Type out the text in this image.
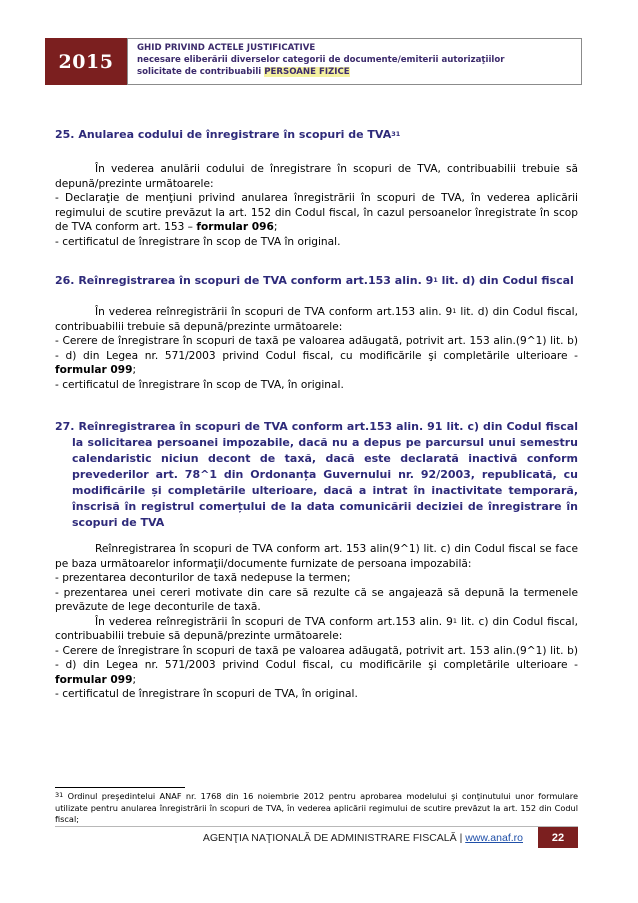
2015
GHID PRIVIND ACTELE JUSTIFICATIVE
necesare eliberării diverselor categorii de documente/emiterii autorizaţiilor
solicitate de contribuabili PERSOANE FIZICE

25. Anularea codului de înregistrare în scopuri de TVA$^{31}$

În vederea anulării codului de înregistrare în scopuri de TVA, contribuabilii trebuie să depună/prezinte următoarele:

- Declaraţie de menţiuni privind anularea înregistrării în scopuri de TVA, în vederea aplicării regimului de scutire prevăzut la art. 152 din Codul fiscal, în cazul persoanelor înregistrate în scop de TVA conform art. 153 – formular 096;

- certificatul de înregistrare în scop de TVA în original.

26. Reînregistrarea în scopuri de TVA conform art.153 alin. $9^1$ lit. d) din Codul fiscal

În vederea reînregistrării în scopuri de TVA conform art.153 alin. $9^1$ lit. d) din Codul fiscal, contribuabilii trebuie să depună/prezinte următoarele:

- Cerere de înregistrare în scopuri de taxă pe valoarea adăugată, potrivit art. 153 alin.(9^1) lit. b) - d) din Legea nr. 571/2003 privind Codul fiscal, cu modificările şi completările ulterioare - formular 099;

- certificatul de înregistrare în scop de TVA, în original.

27. Reînregistrarea în scopuri de TVA conform art.153 alin. 91 lit. c) din Codul fiscal la solicitarea persoanei impozabile, dacă nu a depus pe parcursul unui semestru calendaristic niciun decont de taxă, dacă este declarată inactivă conform prevederilor art. 78^1 din Ordonanța Guvernului nr. 92/2003, republicată, cu modificările și completările ulterioare, dacă a intrat în inactivitate temporară, înscrisă în registrul comerțului de la data comunicării deciziei de înregistrare în scopuri de TVA

Reînregistrarea în scopuri de TVA conform art. 153 alin(9^1) lit. c) din Codul fiscal se face pe baza următoarelor informaţii/documente furnizate de persoana impozabilă:

- prezentarea deconturilor de taxă nedepuse la termen;

- prezentarea unei cereri motivate din care să rezulte că se angajează să depună la termenele prevăzute de lege deconturile de taxă.

În vederea reînregistrării în scopuri de TVA conform art.153 alin. $9^1$ lit. c) din Codul fiscal, contribuabilii trebuie să depună/prezinte următoarele:

- Cerere de înregistrare în scopuri de taxă pe valoarea adăugată, potrivit art. 153 alin.(9^1) lit. b) - d) din Legea nr. 571/2003 privind Codul fiscal, cu modificările şi completările ulterioare - formular 099;

- certificatul de înregistrare în scopuri de TVA, în original.

$^{31}$ Ordinul preşedintelui ANAF nr. 1768 din 16 noiembrie 2012 pentru aprobarea modelului şi conţinutului unor formulare utilizate pentru anularea înregistrării în scopuri de TVA, în vederea aplicării regimului de scutire prevăzut la art. 152 din Codul fiscal;
AGENŢIA NAŢIONALĂ DE ADMINISTRARE FISCALĂ | www.anaf.ro	22
